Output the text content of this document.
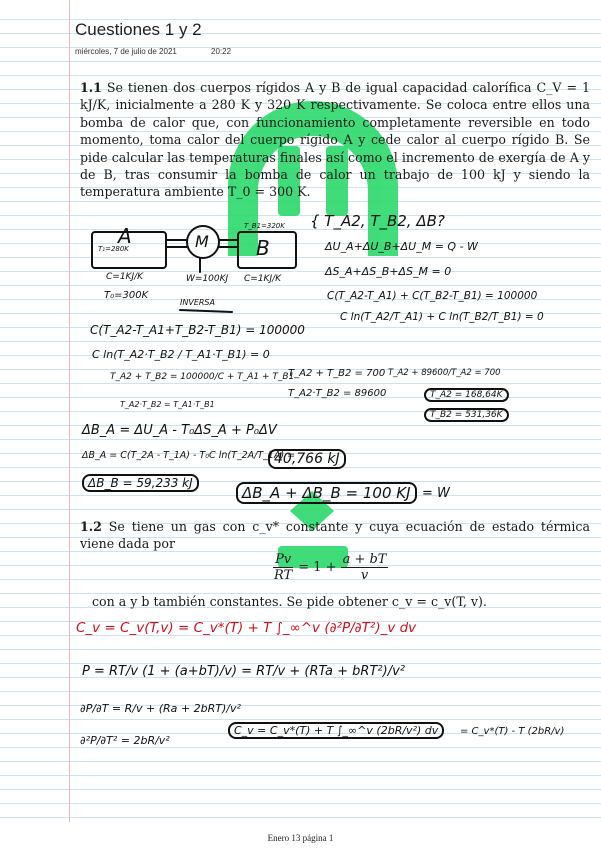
Cuestiones 1 y 2
miércoles, 7 de julio de 2021	20:22
1.1 Se tienen dos cuerpos rígidos A y B de igual capacidad calorífica C_V = 1 kJ/K, inicialmente a 280 K y 320 K respectivamente. Se coloca entre ellos una bomba de calor que, con funcionamiento completamente reversible en todo momento, toma calor del cuerpo rígido A y cede calor al cuerpo rígido B. Se pide calcular las temperaturas finales así como el incremento de exergía de A y de B, tras consumir la bomba de calor un trabajo de 100 kJ y siendo la temperatura ambiente T_0 = 300 K.
A	M B
T₁=280K
T_B1=320K
C=1KJ/K	W=100KJ C=1KJ/K
T₀=300K
INVERSA
{ T_A2, T_B2, ΔB?
ΔU_A+ΔU_B+ΔU_M = Q - W
ΔS_A+ΔS_B+ΔS_M = 0
C(T_A2-T_A1) + C(T_B2-T_B1) = 100000
C ln(T_A2/T_A1) + C ln(T_B2/T_B1) = 0
C(T_A2-T_A1+T_B2-T_B1) = 100000
C ln(T_A2·T_B2 / T_A1·T_B1) = 0
T_A2 + T_B2 = 100000/C + T_A1 + T_B1
T_A2·T_B2 = T_A1·T_B1
T_A2 + T_B2 = 700
T_A2·T_B2 = 89600
T_A2 + 89600/T_A2 = 700
T_A2 = 168,64K
T_B2 = 531,36K
ΔB_A = ΔU_A - T₀ΔS_A + P₀ΔV
ΔB_A = C(T_2A - T_1A) - T₀C ln(T_2A/T_1A) =
40,766 kJ
ΔB_B = 59,233 kJ
ΔB_A + ΔB_B = 100 KJ = W
1.2 Se tiene un gas con c_v* constante y cuya ecuación de estado térmica viene dada por
$\frac{Pv}{RT} = 1 + \frac{a + bT}{v}$
con a y b también constantes. Se pide obtener c_v = c_v(T, v).
C_v = C_v(T,v) = C_v*(T) + T ∫_∞^v (∂²P/∂T²)_v dv
P = RT/v (1 + (a+bT)/v) = RT/v + (RTa + bRT²)/v²
∂P/∂T = R/v + (Ra + 2bRT)/v²
∂²P/∂T² = 2bR/v²
C_v = C_v*(T) + T ∫_∞^v (2bR/v²) dv	= C_v*(T) - T (2bR/v)
Enero 13 página 1
